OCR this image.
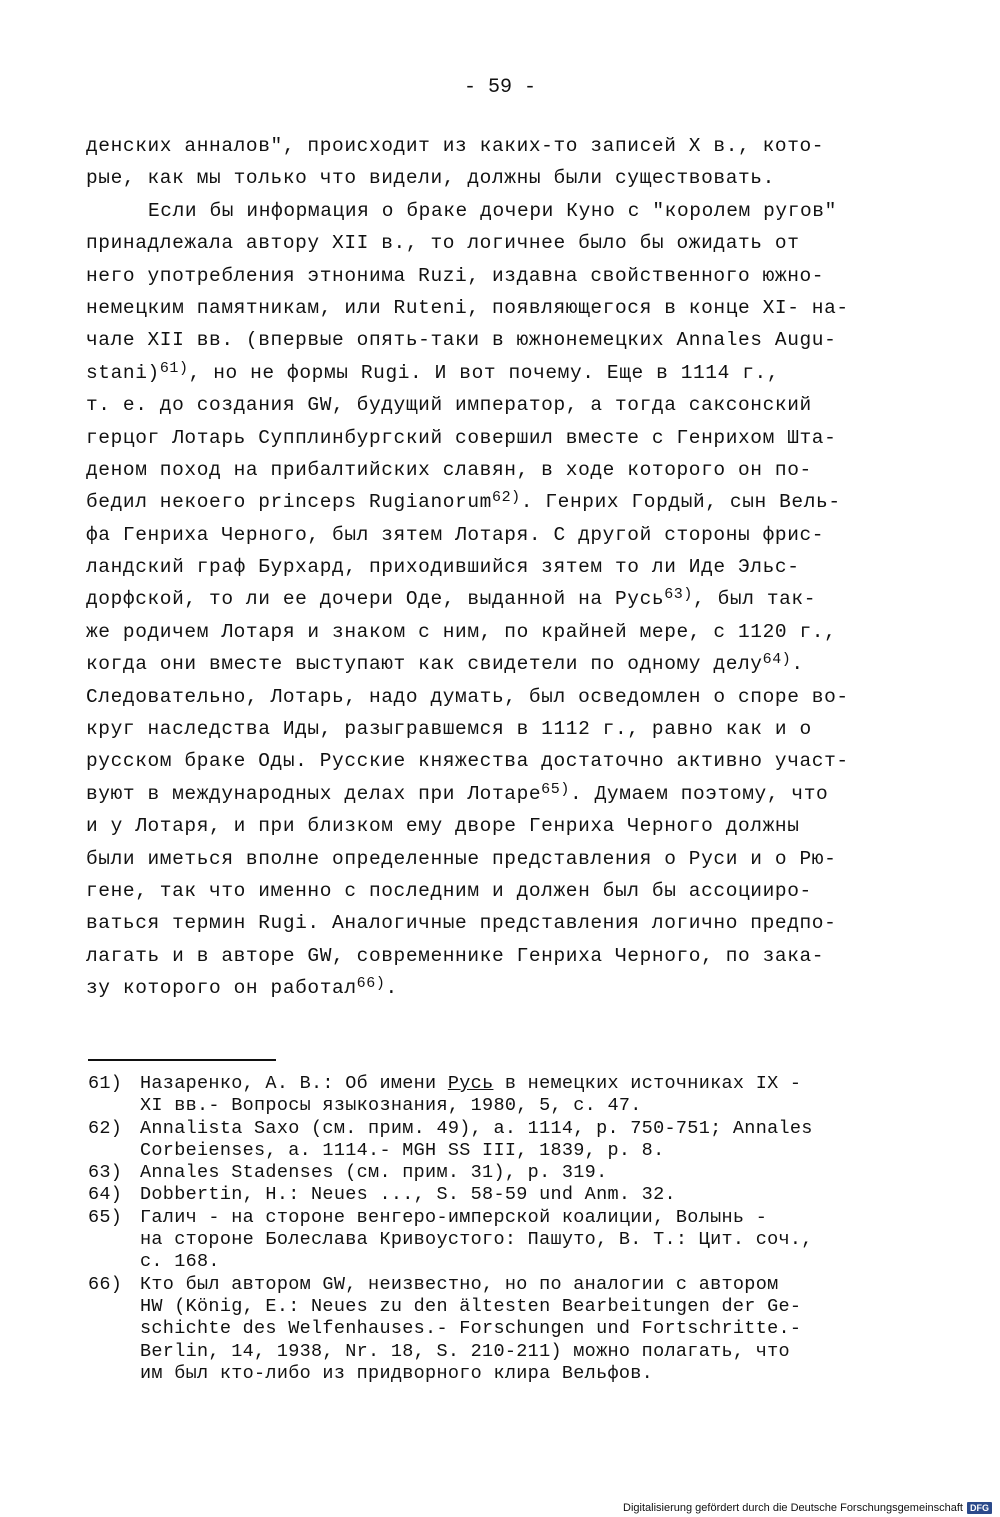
- 59 -
денских анналов", происходит из каких-то записей X в., кото-
рые, как мы только что видели, должны были существовать.
Если бы информация о браке дочери Куно с "королем ругов"
принадлежала автору XII в., то логичнее было бы ожидать от
него употребления этнонима Ruzi, издавна свойственного южно-
немецким памятникам, или Ruteni, появляющегося в конце XI- на-
чале XII вв. (впервые опять-таки в южнонемецких Annales Augu-
stani)$^{61)}$, но не формы Rugi. И вот почему. Еще в 1114 г.,
т. е. до создания GW, будущий император, а тогда саксонский
герцог Лотарь Супплинбургский совершил вместе с Генрихом Шта-
деном поход на прибалтийских славян, в ходе которого он по-
бедил некоего princeps Rugianorum$^{62)}$. Генрих Гордый, сын Вель-
фа Генриха Черного, был зятем Лотаря. С другой стороны фрис-
ландский граф Бурхард, приходившийся зятем то ли Иде Эльс-
дорфской, то ли ее дочери Оде, выданной на Русь$^{63)}$, был так-
же родичем Лотаря и знаком с ним, по крайней мере, с 1120 г.,
когда они вместе выступают как свидетели по одному делу$^{64)}$.
Следовательно, Лотарь, надо думать, был осведомлен о споре во-
круг наследства Иды, разыгравшемся в 1112 г., равно как и о
русском браке Оды. Русские княжества достаточно активно участ-
вуют в международных делах при Лотаре$^{65)}$. Думаем поэтому, что
и у Лотаря, и при близком ему дворе Генриха Черного должны
были иметься вполне определенные представления о Руси и о Рю-
гене, так что именно с последним и должен был бы ассоцииро-
ваться термин Rugi. Аналогичные представления логично предпо-
лагать и в авторе GW, современнике Генриха Черного, по зака-
зу которого он работал$^{66)}$.
61) Назаренко, А. В.: Об имени Русь в немецких источниках IX -
XI вв.- Вопросы языкознания, 1980, 5, с. 47.
62) Annalista Saxo (см. прим. 49), a. 1114, p. 750-751; Annales
Corbeienses, a. 1114.- MGH SS III, 1839, p. 8.
63) Annales Stadenses (см. прим. 31), p. 319.
64) Dobbertin, H.: Neues ..., S. 58-59 und Anm. 32.
65) Галич - на стороне венгеро-имперской коалиции, Волынь -
на стороне Болеслава Кривоустого: Пашуто, В. Т.: Цит. соч.,
с. 168.
66) Кто был автором GW, неизвестно, но по аналогии с автором
HW (König, E.: Neues zu den ältesten Bearbeitungen der Ge-
schichte des Welfenhauses.- Forschungen und Fortschritte.-
Berlin, 14, 1938, Nr. 18, S. 210-211) можно полагать, что
им был кто-либо из придворного клира Вельфов.
Digitalisierung gefördert durch die Deutsche Forschungsgemeinschaft DFG
